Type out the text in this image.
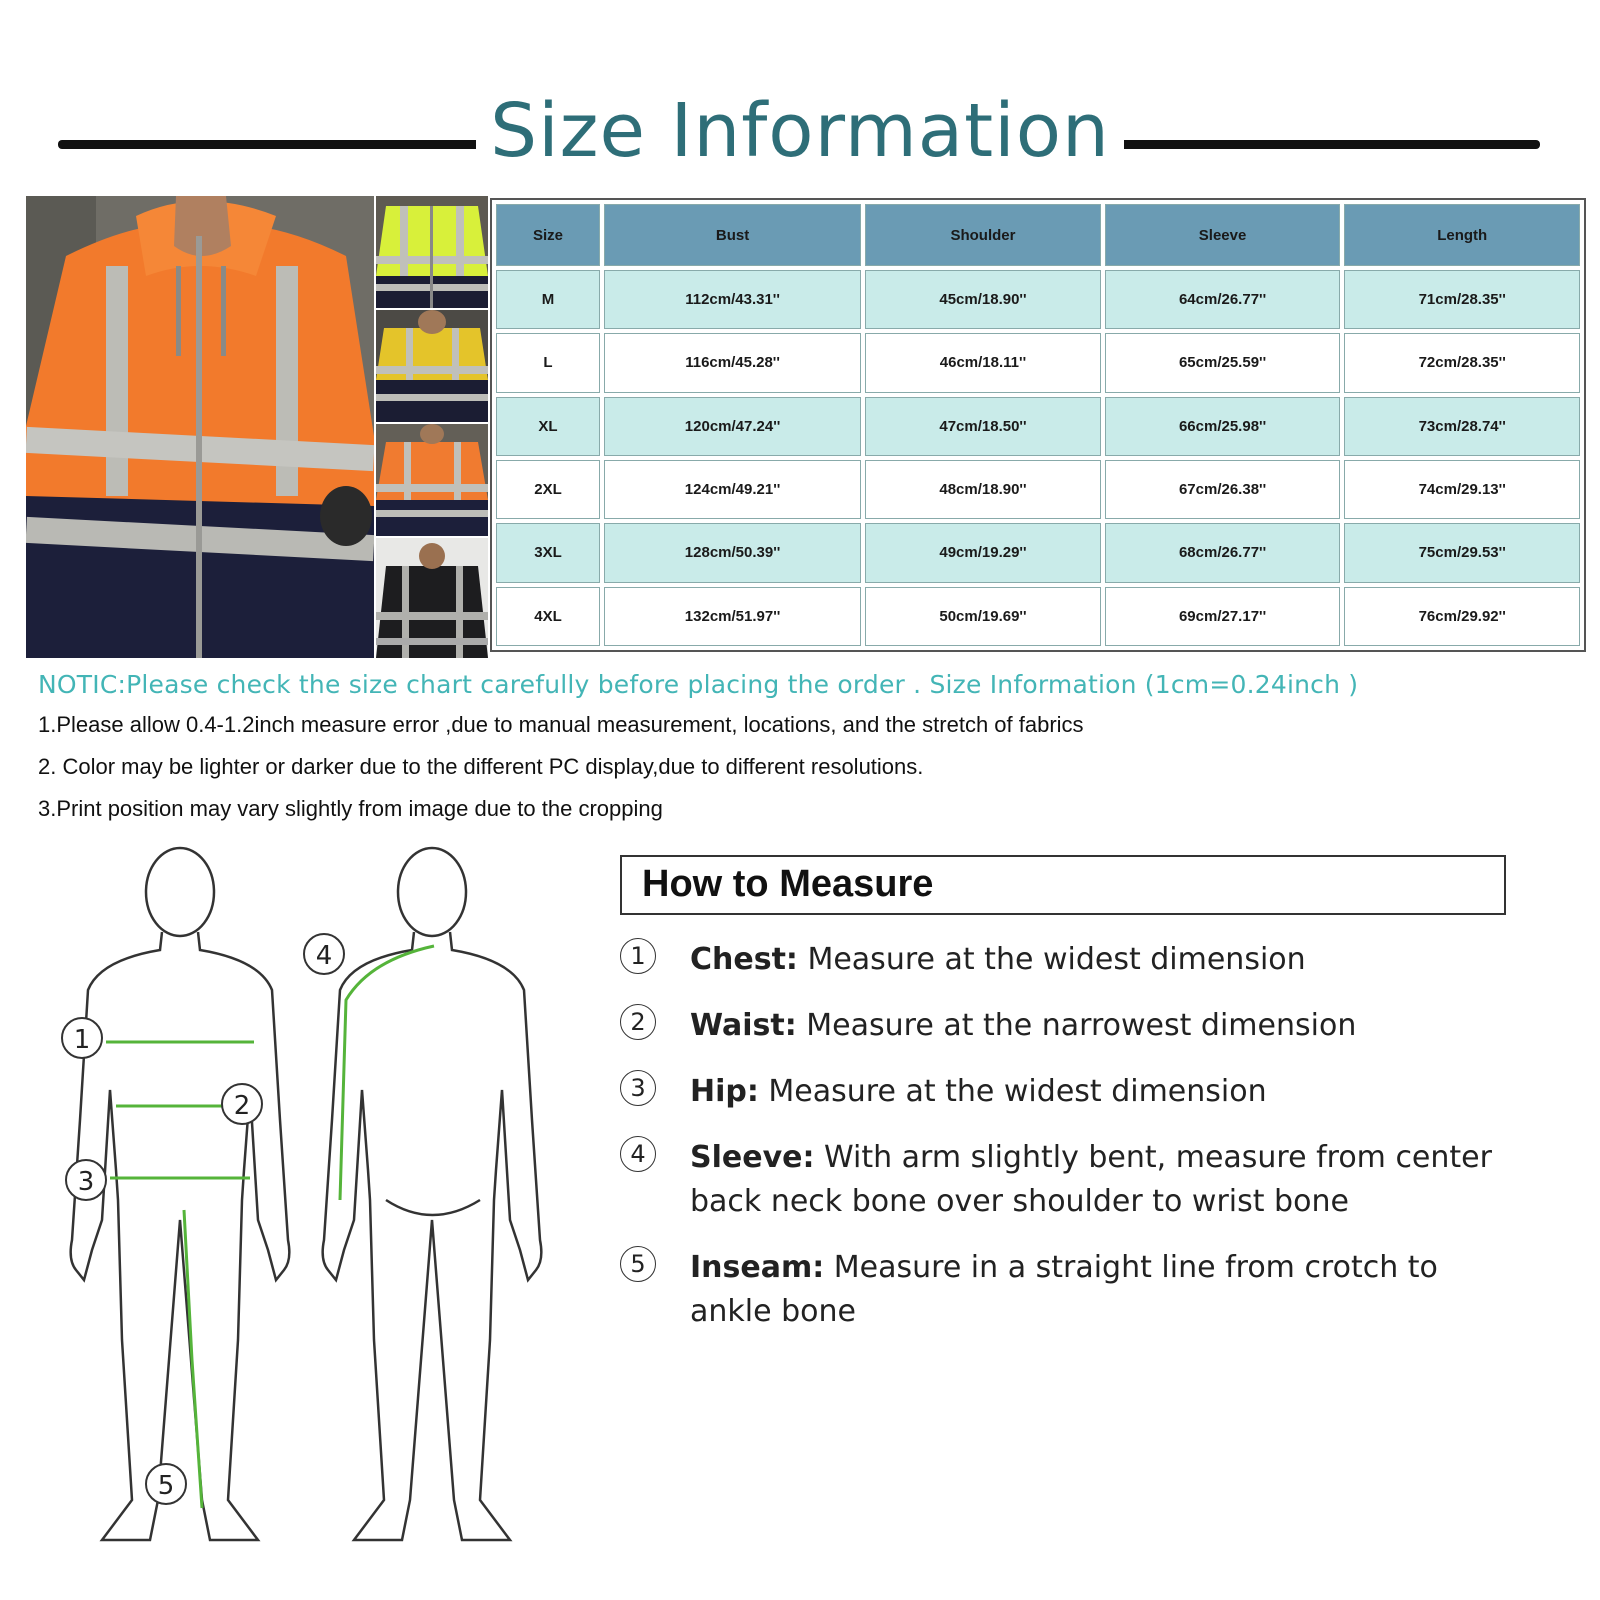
Size Information
Size	Bust	Shoulder	Sleeve	Length
M	112cm/43.31''	45cm/18.90''	64cm/26.77''	71cm/28.35''
L	116cm/45.28''	46cm/18.11''	65cm/25.59''	72cm/28.35''
XL	120cm/47.24''	47cm/18.50''	66cm/25.98''	73cm/28.74''
2XL	124cm/49.21''	48cm/18.90''	67cm/26.38''	74cm/29.13''
3XL	128cm/50.39''	49cm/19.29''	68cm/26.77''	75cm/29.53''
4XL	132cm/51.97''	50cm/19.69''	69cm/27.17''	76cm/29.92''
NOTIC:Please check the size chart carefully before placing the order . Size Information (1cm=0.24inch )
1.Please allow 0.4-1.2inch measure error ,due to manual measurement, locations, and the stretch of fabrics
2. Color may be lighter or darker due to the different PC display,due to different resolutions.
3.Print position may vary slightly from image due to the cropping
1
2
3
4
5
How to Measure
1	Chest: Measure at the widest dimension
2	Waist: Measure at the narrowest dimension
3	Hip: Measure at the widest dimension
4	Sleeve: With arm slightly bent, measure from center back neck bone over shoulder to wrist bone
5	Inseam: Measure in a straight line from crotch to ankle bone
